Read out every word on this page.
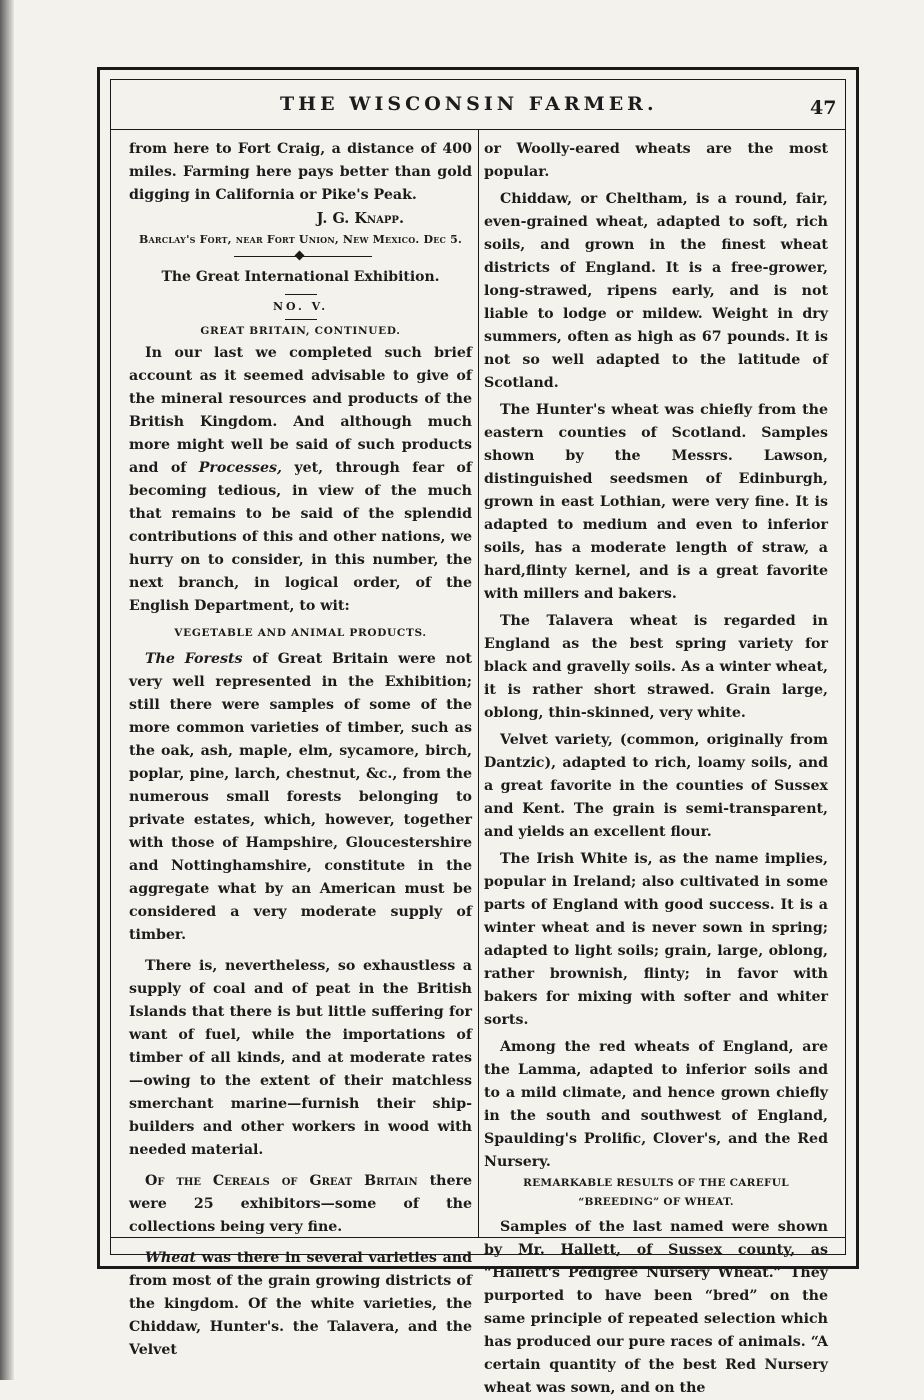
THE WISCONSIN FARMER.	47

from here to Fort Craig, a distance of 400 miles. Farming here pays better than gold digging in California or Pike's Peak.

J. G. Knapp.

Barclay's Fort, near Fort Union, New Mexico. Dec 5.

The Great International Exhibition.

NO. V.

GREAT BRITAIN, CONTINUED.

In our last we completed such brief account as it seemed advisable to give of the mineral resources and products of the British Kingdom. And although much more might well be said of such products and of Processes, yet, through fear of becoming tedious, in view of the much that remains to be said of the splendid contributions of this and other nations, we hurry on to consider, in this number, the next branch, in logical order, of the English Department, to wit:

VEGETABLE AND ANIMAL PRODUCTS.

The Forests of Great Britain were not very well represented in the Exhibition; still there were samples of some of the more common varieties of timber, such as the oak, ash, maple, elm, sycamore, birch, poplar, pine, larch, chestnut, &c., from the numerous small forests belonging to private estates, which, however, together with those of Hampshire, Gloucestershire and Nottinghamshire, constitute in the aggregate what by an American must be considered a very moderate supply of timber.

There is, nevertheless, so exhaustless a supply of coal and of peat in the British Islands that there is but little suffering for want of fuel, while the importations of timber of all kinds, and at moderate rates—owing to the extent of their matchless smerchant marine—furnish their ship-builders and other workers in wood with needed material.

Of the Cereals of Great Britain there were 25 exhibitors—some of the collections being very fine.

Wheat was there in several varieties and from most of the grain growing districts of the kingdom. Of the white varieties, the Chiddaw, Hunter's. the Talavera, and the Velvet

or Woolly-eared wheats are the most popular.

Chiddaw, or Cheltham, is a round, fair, even-grained wheat, adapted to soft, rich soils, and grown in the finest wheat districts of England. It is a free-grower, long-strawed, ripens early, and is not liable to lodge or mildew. Weight in dry summers, often as high as 67 pounds. It is not so well adapted to the latitude of Scotland.

The Hunter's wheat was chiefly from the eastern counties of Scotland. Samples shown by the Messrs. Lawson, distinguished seedsmen of Edinburgh, grown in east Lothian, were very fine. It is adapted to medium and even to inferior soils, has a moderate length of straw, a hard,flinty kernel, and is a great favorite with millers and bakers.

The Talavera wheat is regarded in England as the best spring variety for black and gravelly soils. As a winter wheat, it is rather short strawed. Grain large, oblong, thin-skinned, very white.

Velvet variety, (common, originally from Dantzic), adapted to rich, loamy soils, and a great favorite in the counties of Sussex and Kent. The grain is semi-transparent, and yields an excellent flour.

The Irish White is, as the name implies, popular in Ireland; also cultivated in some parts of England with good success. It is a winter wheat and is never sown in spring; adapted to light soils; grain, large, oblong, rather brownish, flinty; in favor with bakers for mixing with softer and whiter sorts.

Among the red wheats of England, are the Lamma, adapted to inferior soils and to a mild climate, and hence grown chiefly in the south and southwest of England, Spaulding's Prolific, Clover's, and the Red Nursery.

REMARKABLE RESULTS OF THE CAREFUL “BREEDING” OF WHEAT.

Samples of the last named were shown by Mr. Hallett, of Sussex county, as “Hallett's Pedigree Nursery Wheat.” They purported to have been “bred” on the same principle of repeated selection which has produced our pure races of animals. “A certain quantity of the best Red Nursery wheat was sown, and on the
